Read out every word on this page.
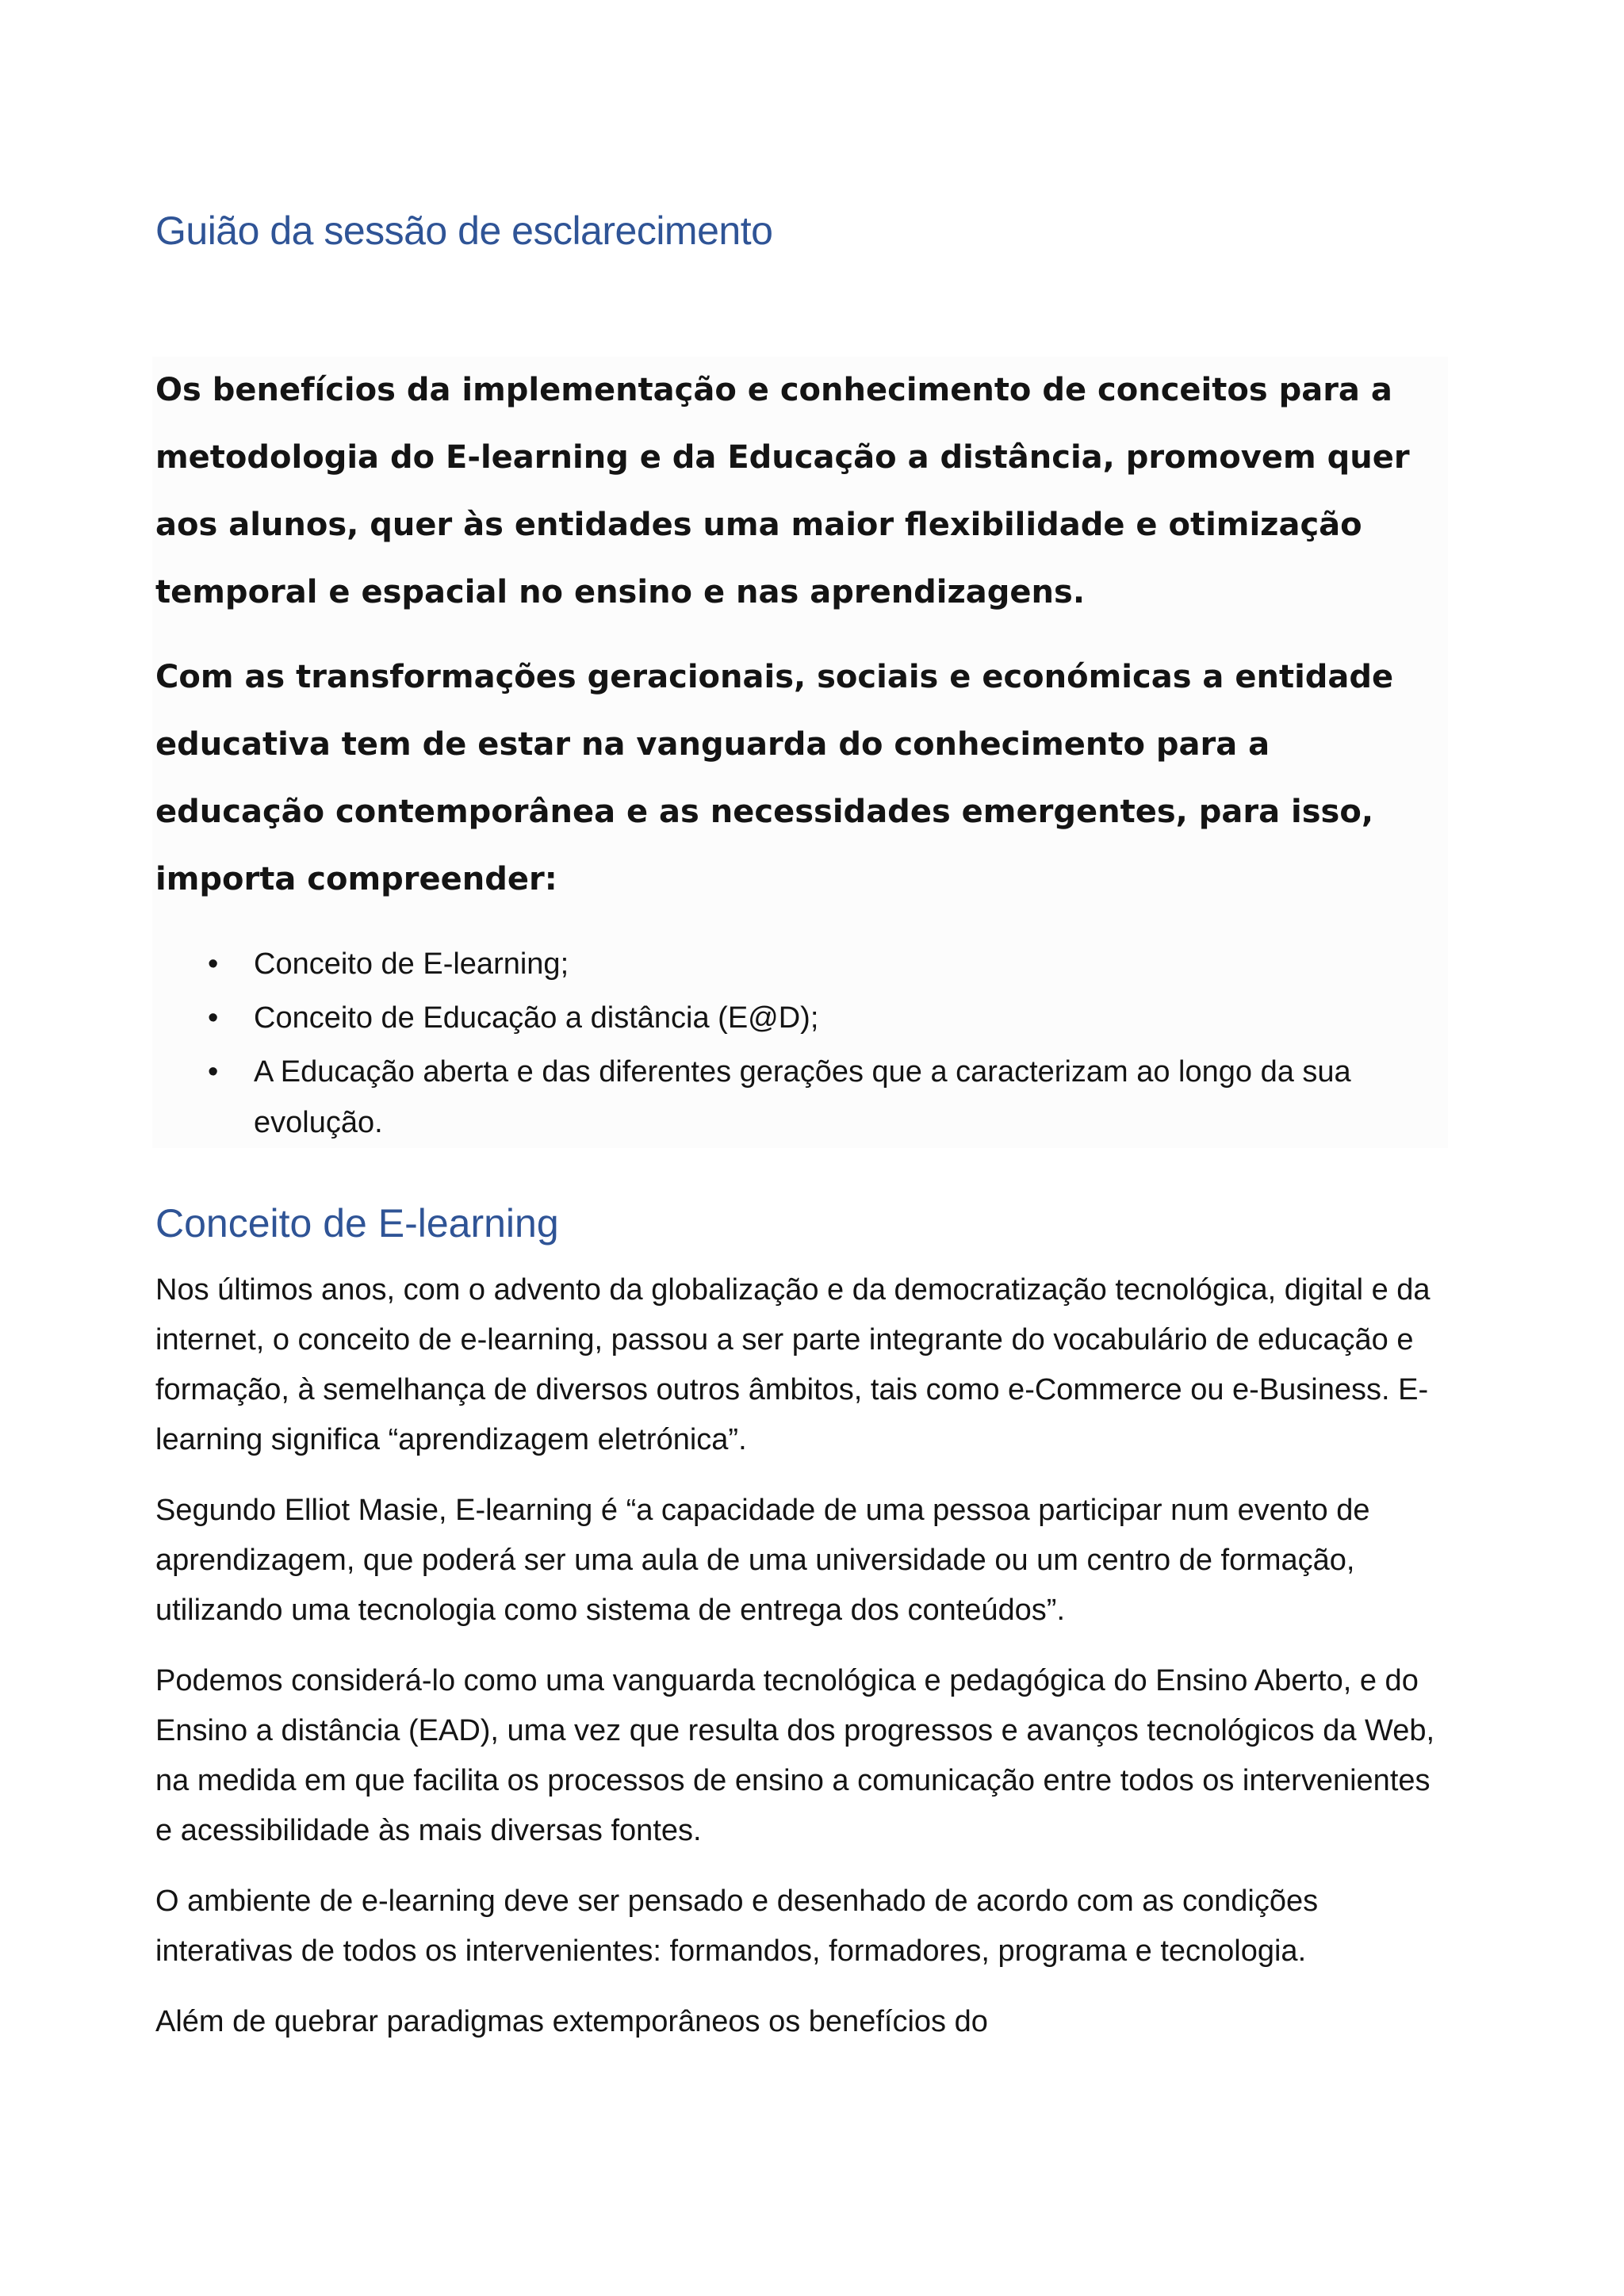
Guião da sessão de esclarecimento

Os benefícios da implementação e conhecimento de conceitos para a metodologia do E-learning e da Educação a distância, promovem quer aos alunos, quer às entidades uma maior flexibilidade e otimização temporal e espacial no ensino e nas aprendizagens.

Com as transformações geracionais, sociais e económicas a entidade educativa tem de estar na vanguarda do conhecimento para a educação contemporânea e as necessidades emergentes, para isso, importa compreender:

•
Conceito de E-learning;
•
Conceito de Educação a distância (E@D);
•
A Educação aberta e das diferentes gerações que a caracterizam ao longo da sua evolução.
Conceito de E-learning

Nos últimos anos, com o advento da globalização e da democratização tecnológica, digital e da internet, o conceito de e-learning, passou a ser parte integrante do vocabulário de educação e formação, à semelhança de diversos outros âmbitos, tais como e-Commerce ou e-Business. E-learning significa “aprendizagem eletrónica”.

Segundo Elliot Masie, E-learning é “a capacidade de uma pessoa participar num evento de aprendizagem, que poderá ser uma aula de uma universidade ou um centro de formação, utilizando uma tecnologia como sistema de entrega dos conteúdos”.

Podemos considerá-lo como uma vanguarda tecnológica e pedagógica do Ensino Aberto, e do Ensino a distância (EAD), uma vez que resulta dos progressos e avanços tecnológicos da Web, na medida em que facilita os processos de ensino a comunicação entre todos os intervenientes e acessibilidade às mais diversas fontes.

O ambiente de e-learning deve ser pensado e desenhado de acordo com as condições interativas de todos os intervenientes: formandos, formadores, programa e tecnologia.

Além de quebrar paradigmas extemporâneos os benefícios do
